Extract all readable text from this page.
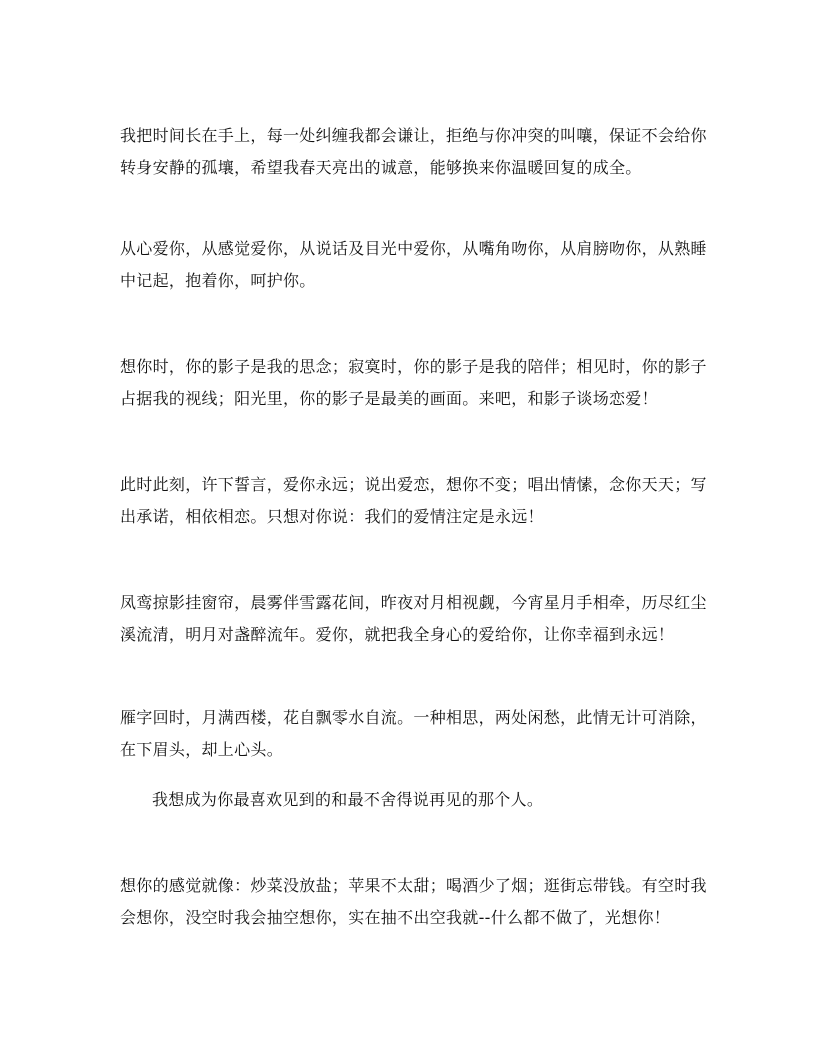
我把时间长在手上，每一处纠缠我都会谦让，拒绝与你冲突的叫嚷，保证不会给你
转身安静的孤壤，希望我春天亮出的诚意，能够换来你温暖回复的成全。

从心爱你，从感觉爱你，从说话及目光中爱你，从嘴角吻你，从肩膀吻你，从熟睡
中记起，抱着你，呵护你。

想你时，你的影子是我的思念；寂寞时，你的影子是我的陪伴；相见时，你的影子
占据我的视线；阳光里，你的影子是最美的画面。来吧，和影子谈场恋爱！

此时此刻，许下誓言，爱你永远；说出爱恋，想你不变；唱出情愫，念你天天；写
出承诺，相依相恋。只想对你说：我们的爱情注定是永远！

凤鸾掠影挂窗帘，晨雾伴雪露花间，昨夜对月相视觑，今宵星月手相牵，历尽红尘
溪流清，明月对盏醉流年。爱你，就把我全身心的爱给你，让你幸福到永远！

雁字回时，月满西楼，花自飘零水自流。一种相思，两处闲愁，此情无计可消除，
在下眉头，却上心头。

我想成为你最喜欢见到的和最不舍得说再见的那个人。

想你的感觉就像：炒菜没放盐；苹果不太甜；喝酒少了烟；逛街忘带钱。有空时我
会想你，没空时我会抽空想你，实在抽不出空我就--什么都不做了，光想你！
